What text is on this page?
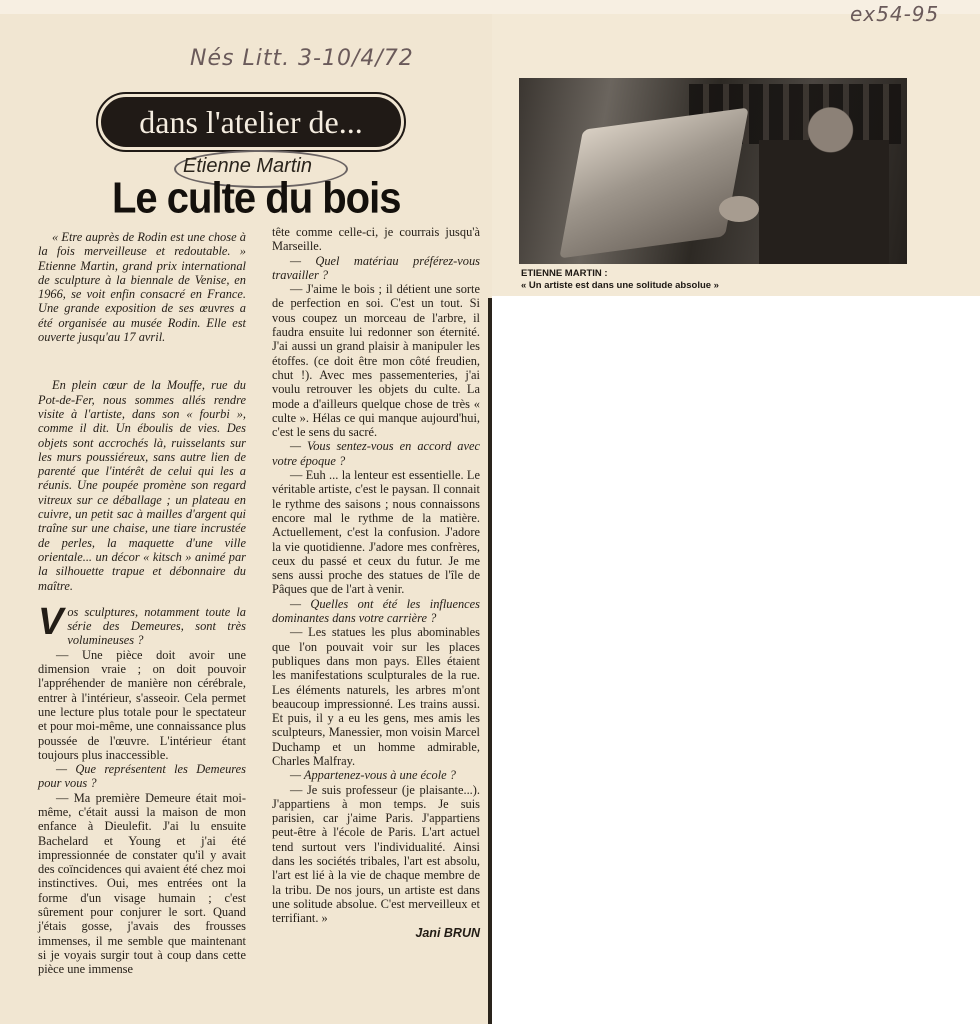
Nés Litt. 3-10/4/72

ex54-95

dans l'atelier de...
Etienne Martin
Le culte du bois

ETIENNE MARTIN :

« Un artiste est dans une solitude absolue »

« Etre auprès de Rodin est une chose à la fois merveilleuse et redoutable. » Etienne Martin, grand prix international de sculpture à la biennale de Venise, en 1966, se voit enfin consacré en France. Une grande exposition de ses œuvres a été organisée au musée Rodin. Elle est ouverte jusqu'au 17 avril.

En plein cœur de la Mouffe, rue du Pot-de-Fer, nous sommes allés rendre visite à l'artiste, dans son « fourbi », comme il dit. Un éboulis de vies. Des objets sont accrochés là, ruisselants sur les murs poussiéreux, sans autre lien de parenté que l'intérêt de celui qui les a réunis. Une poupée promène son regard vitreux sur ce déballage ; un plateau en cuivre, un petit sac à mailles d'argent qui traîne sur une chaise, une tiare incrustée de perles, la maquette d'une ville orientale... un décor « kitsch » animé par la silhouette trapue et débonnaire du maître.

Vos sculptures, notamment toute la série des Demeures, sont très volumineuses ?

— Une pièce doit avoir une dimension vraie ; on doit pouvoir l'appréhender de manière non cérébrale, entrer à l'intérieur, s'asseoir. Cela permet une lecture plus totale pour le spectateur et pour moi-même, une connaissance plus poussée de l'œuvre. L'intérieur étant toujours plus inaccessible.

— Que représentent les Demeures pour vous ?

— Ma première Demeure était moi-même, c'était aussi la maison de mon enfance à Dieulefit. J'ai lu ensuite Bachelard et Young et j'ai été impressionnée de constater qu'il y avait des coïncidences qui avaient été chez moi instinctives. Oui, mes entrées ont la forme d'un visage humain ; c'est sûrement pour conjurer le sort. Quand j'étais gosse, j'avais des frousses immenses, il me semble que maintenant si je voyais surgir tout à coup dans cette pièce une immense

tête comme celle-ci, je courrais jusqu'à Marseille.

— Quel matériau préférez-vous travailler ?

— J'aime le bois ; il détient une sorte de perfection en soi. C'est un tout. Si vous coupez un morceau de l'arbre, il faudra ensuite lui redonner son éternité. J'ai aussi un grand plaisir à manipuler les étoffes. (ce doit être mon côté freudien, chut !). Avec mes passementeries, j'ai voulu retrouver les objets du culte. La mode a d'ailleurs quelque chose de très « culte ». Hélas ce qui manque aujourd'hui, c'est le sens du sacré.

— Vous sentez-vous en accord avec votre époque ?

— Euh ... la lenteur est essentielle. Le véritable artiste, c'est le paysan. Il connait le rythme des saisons ; nous connaissons encore mal le rythme de la matière. Actuellement, c'est la confusion. J'adore la vie quotidienne. J'adore mes confrères, ceux du passé et ceux du futur. Je me sens aussi proche des statues de l'île de Pâques que de l'art à venir.

— Quelles ont été les influences dominantes dans votre carrière ?

— Les statues les plus abominables que l'on pouvait voir sur les places publiques dans mon pays. Elles étaient les manifestations sculpturales de la rue. Les éléments naturels, les arbres m'ont beaucoup impressionné. Les trains aussi. Et puis, il y a eu les gens, mes amis les sculpteurs, Manessier, mon voisin Marcel Duchamp et un homme admirable, Charles Malfray.

— Appartenez-vous à une école ?

— Je suis professeur (je plaisante...). J'appartiens à mon temps. Je suis parisien, car j'aime Paris. J'appartiens peut-être à l'école de Paris. L'art actuel tend surtout vers l'individualité. Ainsi dans les sociétés tribales, l'art est absolu, l'art est lié à la vie de chaque membre de la tribu. De nos jours, un artiste est dans une solitude absolue. C'est merveilleux et terrifiant. »

Jani BRUN
